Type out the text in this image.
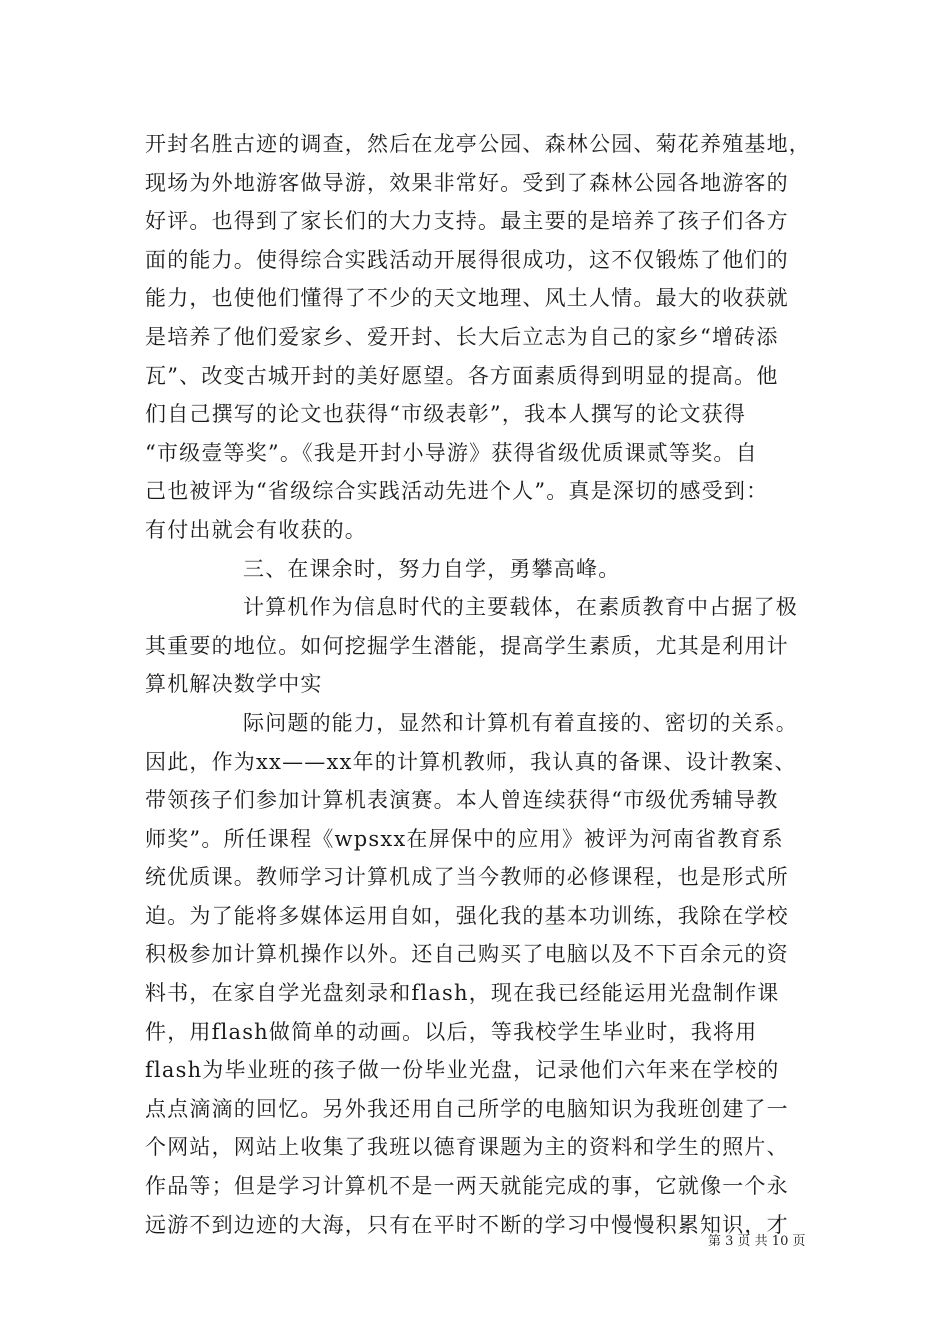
开封名胜古迹的调查，然后在龙亭公园、森林公园、菊花养殖基地，
现场为外地游客做导游，效果非常好。受到了森林公园各地游客的
好评。也得到了家长们的大力支持。最主要的是培养了孩子们各方
面的能力。使得综合实践活动开展得很成功，这不仅锻炼了他们的
能力，也使他们懂得了不少的天文地理、风土人情。最大的收获就
是培养了他们爱家乡、爱开封、长大后立志为自己的家乡“增砖添
瓦”、改变古城开封的美好愿望。各方面素质得到明显的提高。他
们自己撰写的论文也获得“市级表彰”，我本人撰写的论文获得
“市级壹等奖”。《我是开封小导游》获得省级优质课贰等奖。自
己也被评为“省级综合实践活动先进个人”。真是深切的感受到：
有付出就会有收获的。
三、在课余时，努力自学，勇攀高峰。
计算机作为信息时代的主要载体，在素质教育中占据了极
其重要的地位。如何挖掘学生潜能，提高学生素质，尤其是利用计
算机解决数学中实
际问题的能力，显然和计算机有着直接的、密切的关系。
因此，作为xx——xx年的计算机教师，我认真的备课、设计教案、
带领孩子们参加计算机表演赛。本人曾连续获得“市级优秀辅导教
师奖”。所任课程《wpsxx在屏保中的应用》被评为河南省教育系
统优质课。教师学习计算机成了当今教师的必修课程，也是形式所
迫。为了能将多媒体运用自如，强化我的基本功训练，我除在学校
积极参加计算机操作以外。还自己购买了电脑以及不下百余元的资
料书，在家自学光盘刻录和flash，现在我已经能运用光盘制作课
件，用flash做简单的动画。以后，等我校学生毕业时，我将用
flash为毕业班的孩子做一份毕业光盘，记录他们六年来在学校的
点点滴滴的回忆。另外我还用自己所学的电脑知识为我班创建了一
个网站，网站上收集了我班以德育课题为主的资料和学生的照片、
作品等；但是学习计算机不是一两天就能完成的事，它就像一个永
远游不到边迹的大海，只有在平时不断的学习中慢慢积累知识，才
第 3 页 共 10 页
